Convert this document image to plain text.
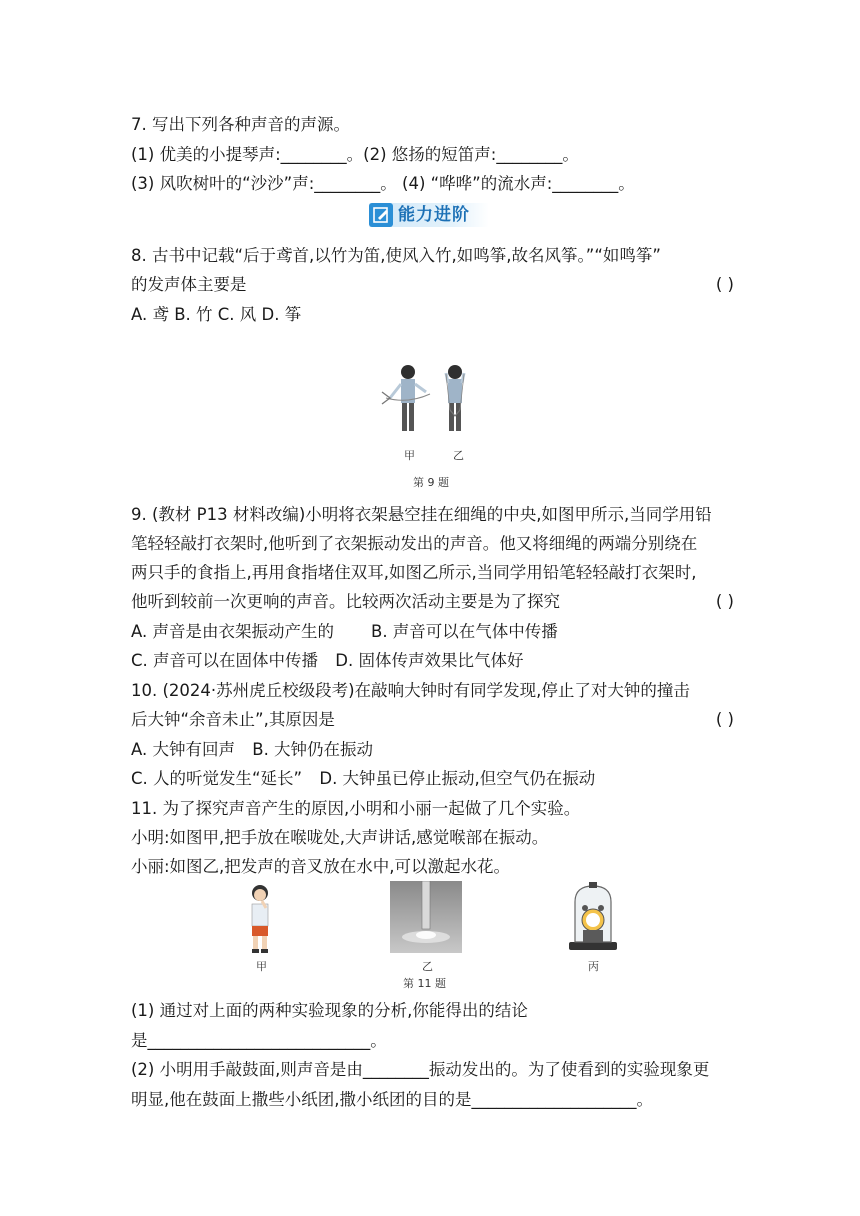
7. 写出下列各种声音的声源。
(1) 优美的小提琴声:________。(2) 悠扬的短笛声:________。
(3) 风吹树叶的“沙沙”声:________。 (4) “哗哗”的流水声:________。
能力进阶
8. 古书中记载“后于鸢首,以竹为笛,使风入竹,如鸣筝,故名风筝。”“如鸣筝”
的发声体主要是	( )
A. 鸢 B. 竹 C. 风 D. 筝
甲	乙
第 9 题
9. (教材 P13 材料改编)小明将衣架悬空挂在细绳的中央,如图甲所示,当同学用铅
笔轻轻敲打衣架时,他听到了衣架振动发出的声音。他又将细绳的两端分别绕在
两只手的食指上,再用食指堵住双耳,如图乙所示,当同学用铅笔轻轻敲打衣架时,
他听到较前一次更响的声音。比较两次活动主要是为了探究	( )
A. 声音是由衣架振动产生的 B. 声音可以在气体中传播
C. 声音可以在固体中传播 D. 固体传声效果比气体好
10. (2024·苏州虎丘校级段考)在敲响大钟时有同学发现,停止了对大钟的撞击
后大钟“余音未止”,其原因是	( )
A. 大钟有回声 B. 大钟仍在振动
C. 人的听觉发生“延长” D. 大钟虽已停止振动,但空气仍在振动
11. 为了探究声音产生的原因,小明和小丽一起做了几个实验。
小明:如图甲,把手放在喉咙处,大声讲话,感觉喉部在振动。
小丽:如图乙,把发声的音叉放在水中,可以激起水花。
甲	乙	丙
第 11 题
(1) 通过对上面的两种实验现象的分析,你能得出的结论
是___________________________。
(2) 小明用手敲鼓面,则声音是由________振动发出的。为了使看到的实验现象更
明显,他在鼓面上撒些小纸团,撒小纸团的目的是____________________。
